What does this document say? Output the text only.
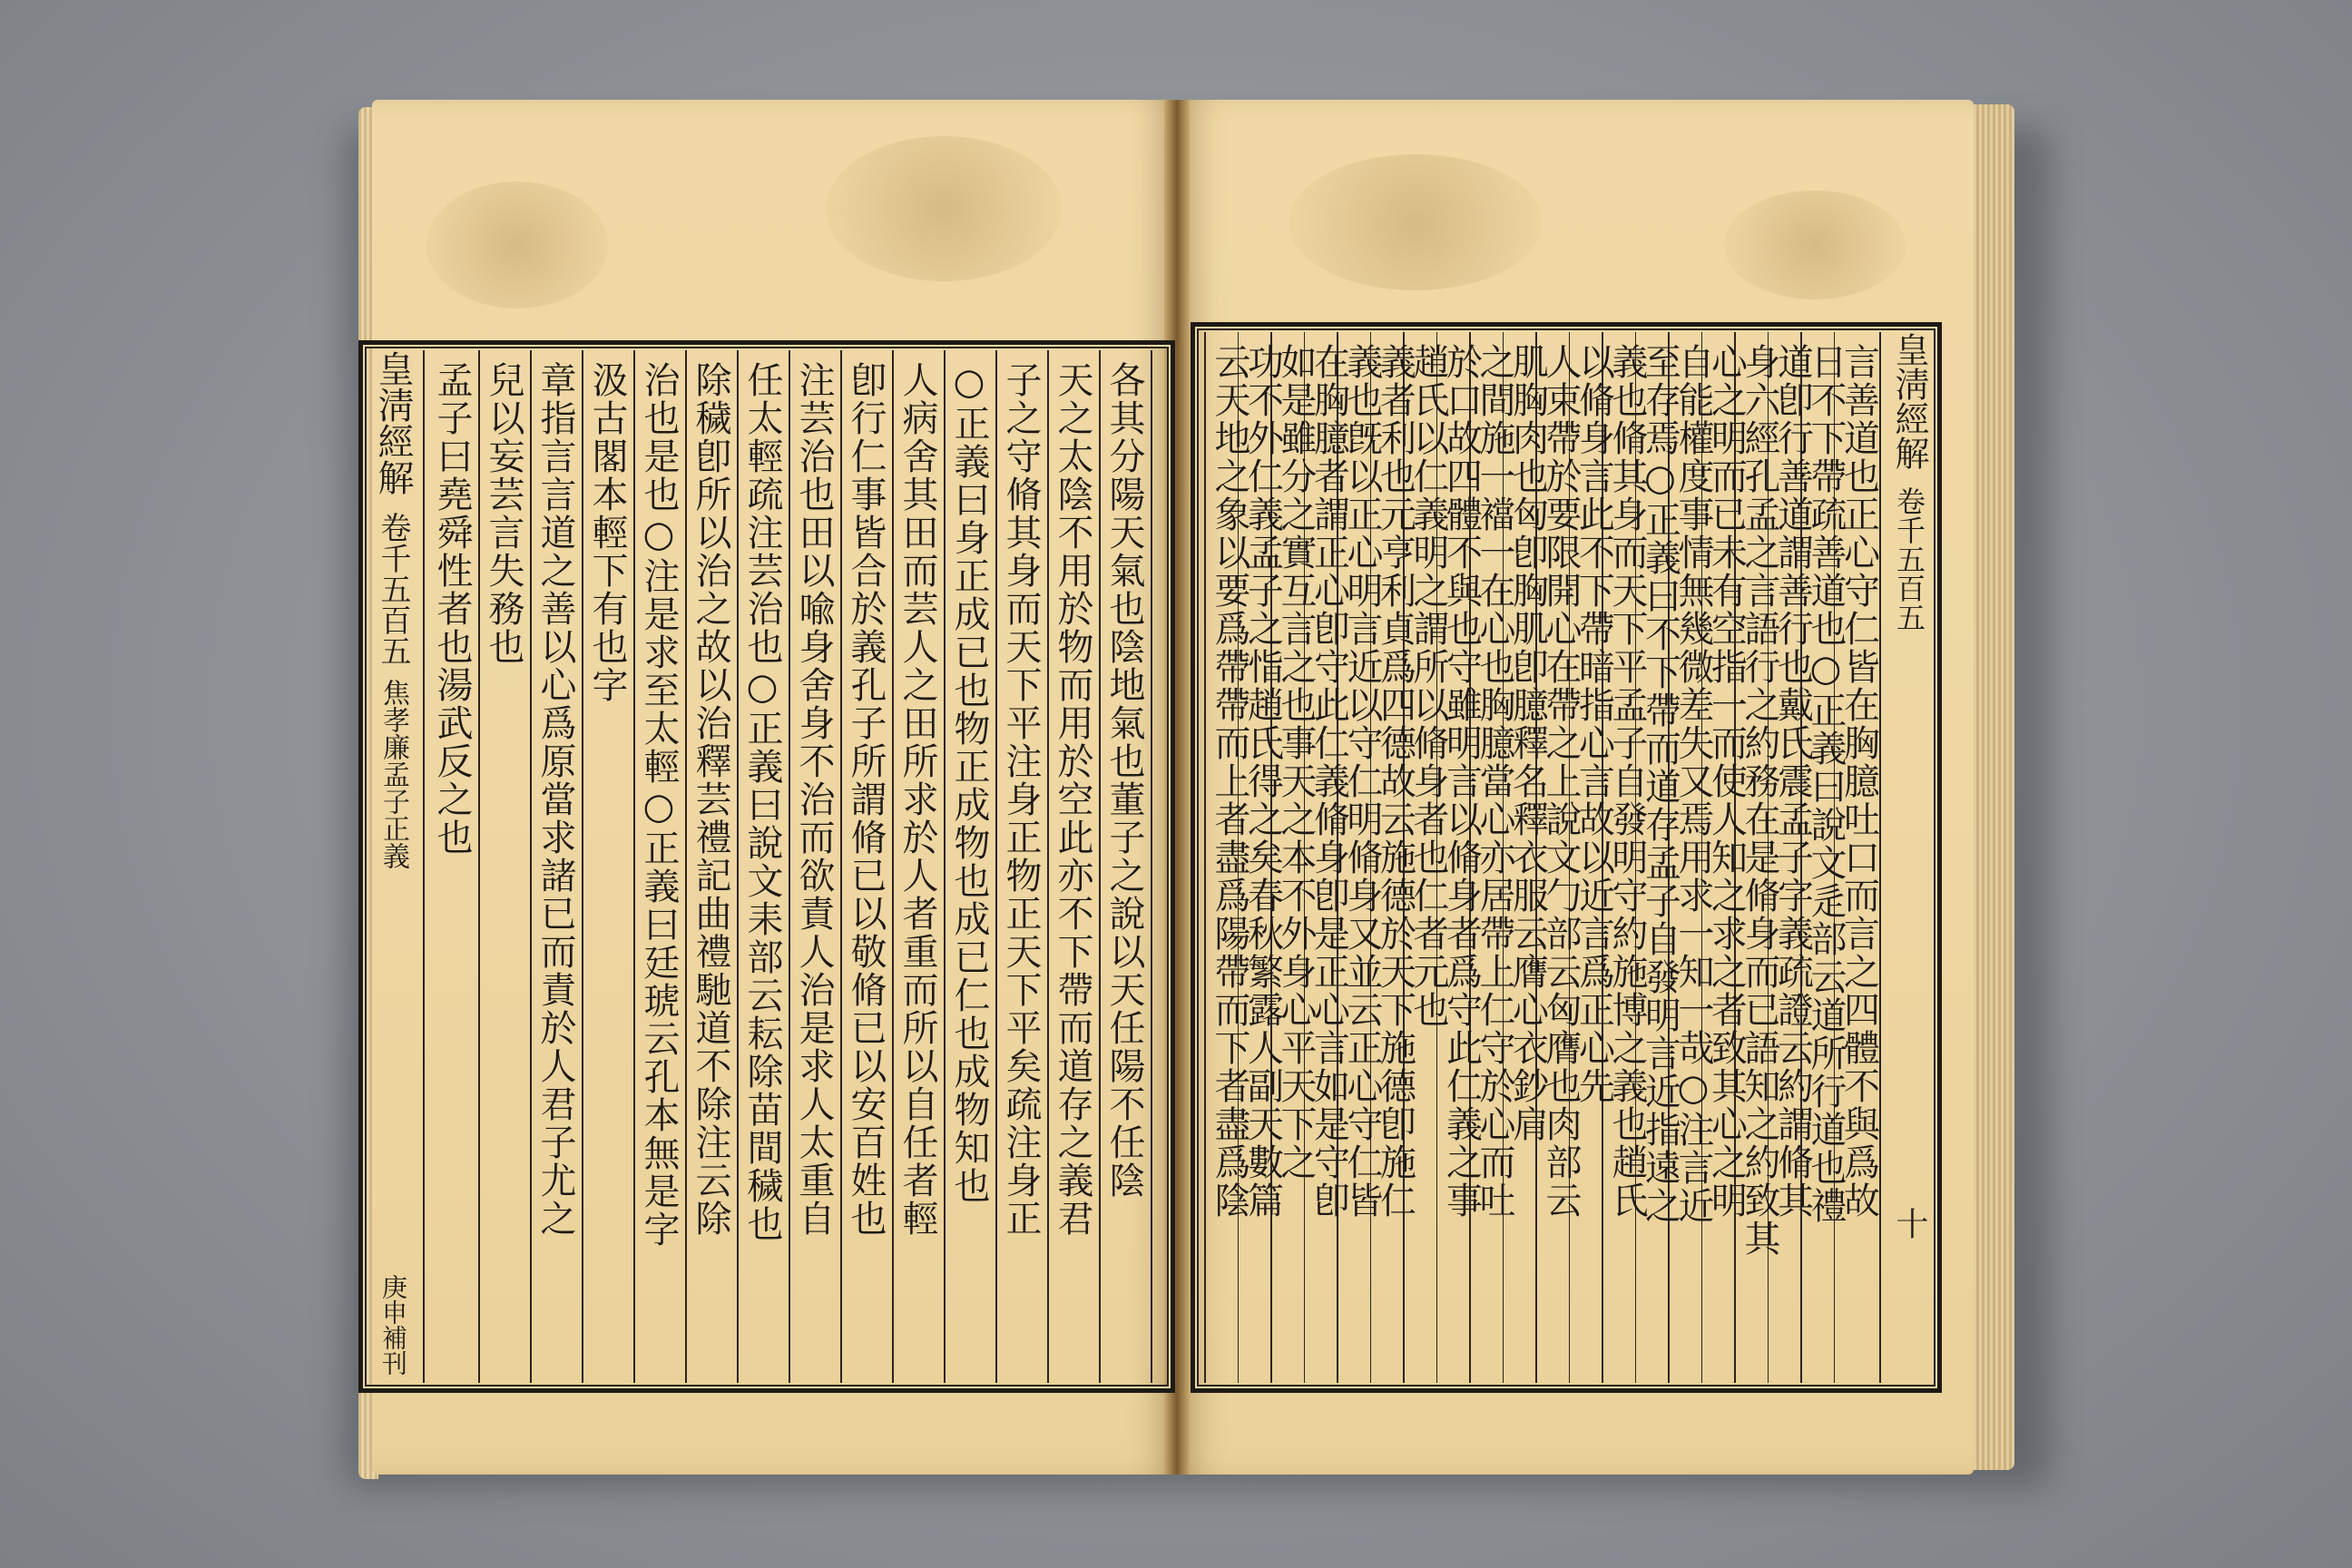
皇淸經解
卷千五百五
焦孝廉孟子正義
庚申補刊
孟子曰堯舜性者也湯武反之也 兒以妄芸言失務也 章指言言道之善以心爲原當求諸已而責於人君子尤之 汲古閣本輕下有也字 治也是也○注是求至太輕○正義曰廷琥云孔本無是字 除穢卽所以治之故以治釋芸禮記曲禮馳道不除注云除 任太輕疏注芸治也○正義曰說文耒部云耘除苗間穢也 注芸治也田以喩身舍身不治而欲責人治是求人太重自 卽行仁事皆合於義孔子所謂脩已以敬脩已以安百姓也 人病舍其田而芸人之田所求於人者重而所以自任者輕 ○正義曰身正成已也物正成物也成已仁也成物知也 子之守脩其身而天下平注身正物正天下平矣疏注身正 天之太陰不用於物而用於空此亦不下帶而道存之義君 各其分陽天氣也陰地氣也董子之說以天任陽不任陰	皇淸經解
卷千五百五
十
言善道也正心守仁皆在胸臆吐口而言之四體不與爲故
日不下帶疏善道也○正義曰說文辵部云道所行道也禮
道卽行善道謂善行也戴氏震孟子字義疏證云約謂脩其
身六經孔孟之言語行之約務在是脩身而已語知之約致其
心之明而已未有空指一而使人知之求之者致其心之明
自能權度事情無幾微差失又焉用求一知一哉○注言近
至存焉○正義曰不下帶而道存孟子自發明言近指遠之
義也脩其身而天下平孟子自發明守約施博之義也趙氏
以脩身言此不下帶暗指心言故以近言爲正心先
人束帶於要限開心在帶之上說文勹部云匈膺也肉部云
肌胸肉也匈卽胸肌卽臆釋名釋衣服云膺心衣鈔肩
之間施一襠一在心也胸臆當心亦居帶上仁守於心而吐
於口故四體不與也守雖明言以脩身者爲守此仁義之事
趙氏以仁義明之謂所以脩身者也仁者元也
義者利也元亨利貞爲四德故云施德於天下施德卽施仁
義也旣以正心明言近以守仁明脩身又並云正心守仁皆
在胸臆者謂正心卽守此仁義脩身卽是正心言如是守卽
如是雖分之實互言之也事天之本不外身心平天下之
功不外仁義孟子之恉趙氏得之矣春秋繁露人副天數篇
云天地之象以要爲帶帶而上者盡爲陽帶而下者盡爲陰
